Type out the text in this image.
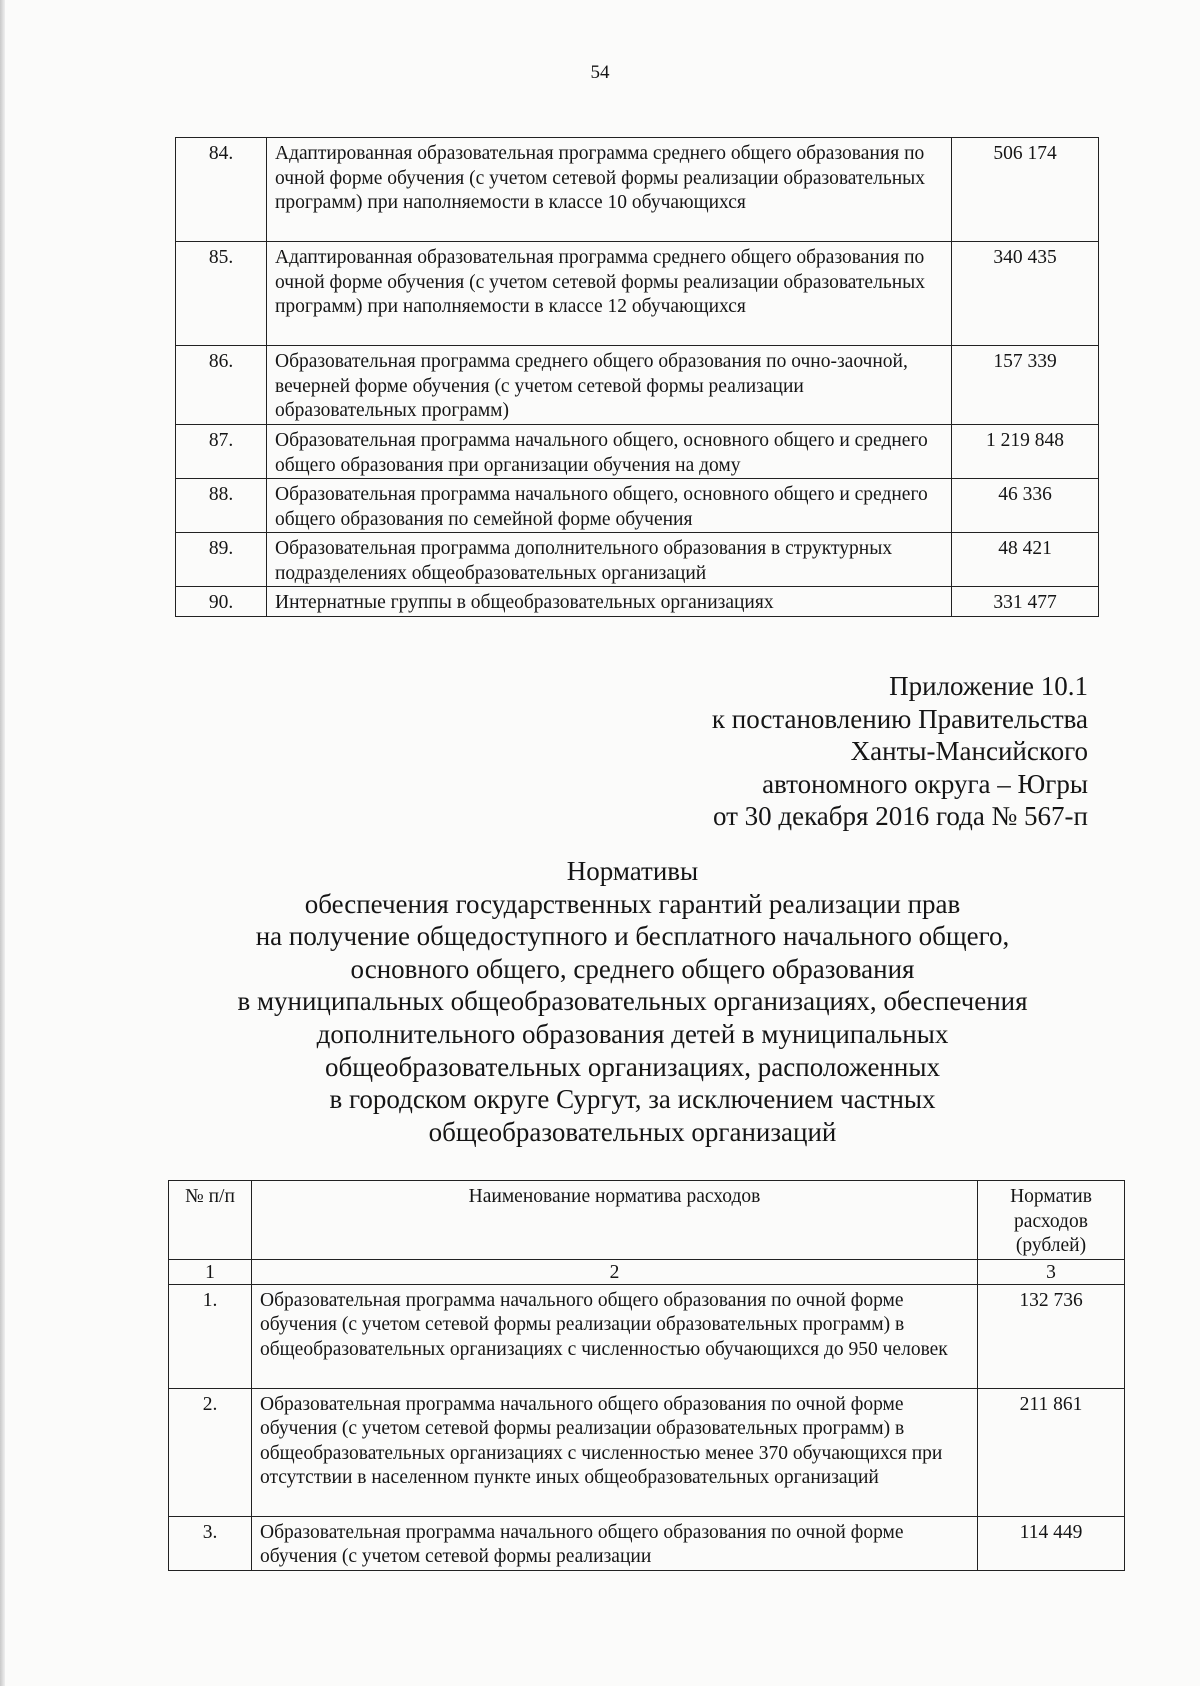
54
84.	Адаптированная образовательная программа среднего общего образования по очной форме обучения (с учетом сетевой формы реализации образовательных программ) при наполняемости в классе 10 обучающихся	506 174
85.	Адаптированная образовательная программа среднего общего образования по очной форме обучения (с учетом сетевой формы реализации образовательных программ) при наполняемости в классе 12 обучающихся	340 435
86.	Образовательная программа среднего общего образования по очно-заочной, вечерней форме обучения (с учетом сетевой формы реализации образовательных программ)	157 339
87.	Образовательная программа начального общего, основного общего и среднего общего образования при организации обучения на дому	1 219 848
88.	Образовательная программа начального общего, основного общего и среднего общего образования по семейной форме обучения	46 336
89.	Образовательная программа дополнительного образования в структурных подразделениях общеобразовательных организаций	48 421
90.	Интернатные группы в общеобразовательных организациях	331 477
Приложение 10.1
к постановлению Правительства
Ханты-Мансийского
автономного округа – Югры
от 30 декабря 2016 года № 567-п
Нормативы
обеспечения государственных гарантий реализации прав
на получение общедоступного и бесплатного начального общего,
основного общего, среднего общего образования
в муниципальных общеобразовательных организациях, обеспечения
дополнительного образования детей в муниципальных
общеобразовательных организациях, расположенных
в городском округе Сургут, за исключением частных
общеобразовательных организаций
№ п/п	Наименование норматива расходов	Норматив расходов (рублей)
1	2	3
1.	Образовательная программа начального общего образования по очной форме обучения (с учетом сетевой формы реализации образовательных программ) в общеобразовательных организациях с численностью обучающихся до 950 человек	132 736
2.	Образовательная программа начального общего образования по очной форме обучения (с учетом сетевой формы реализации образовательных программ) в общеобразовательных организациях с численностью менее 370 обучающихся при отсутствии в населенном пункте иных общеобразовательных организаций	211 861
3.	Образовательная программа начального общего образования по очной форме обучения (с учетом сетевой формы реализации	114 449
